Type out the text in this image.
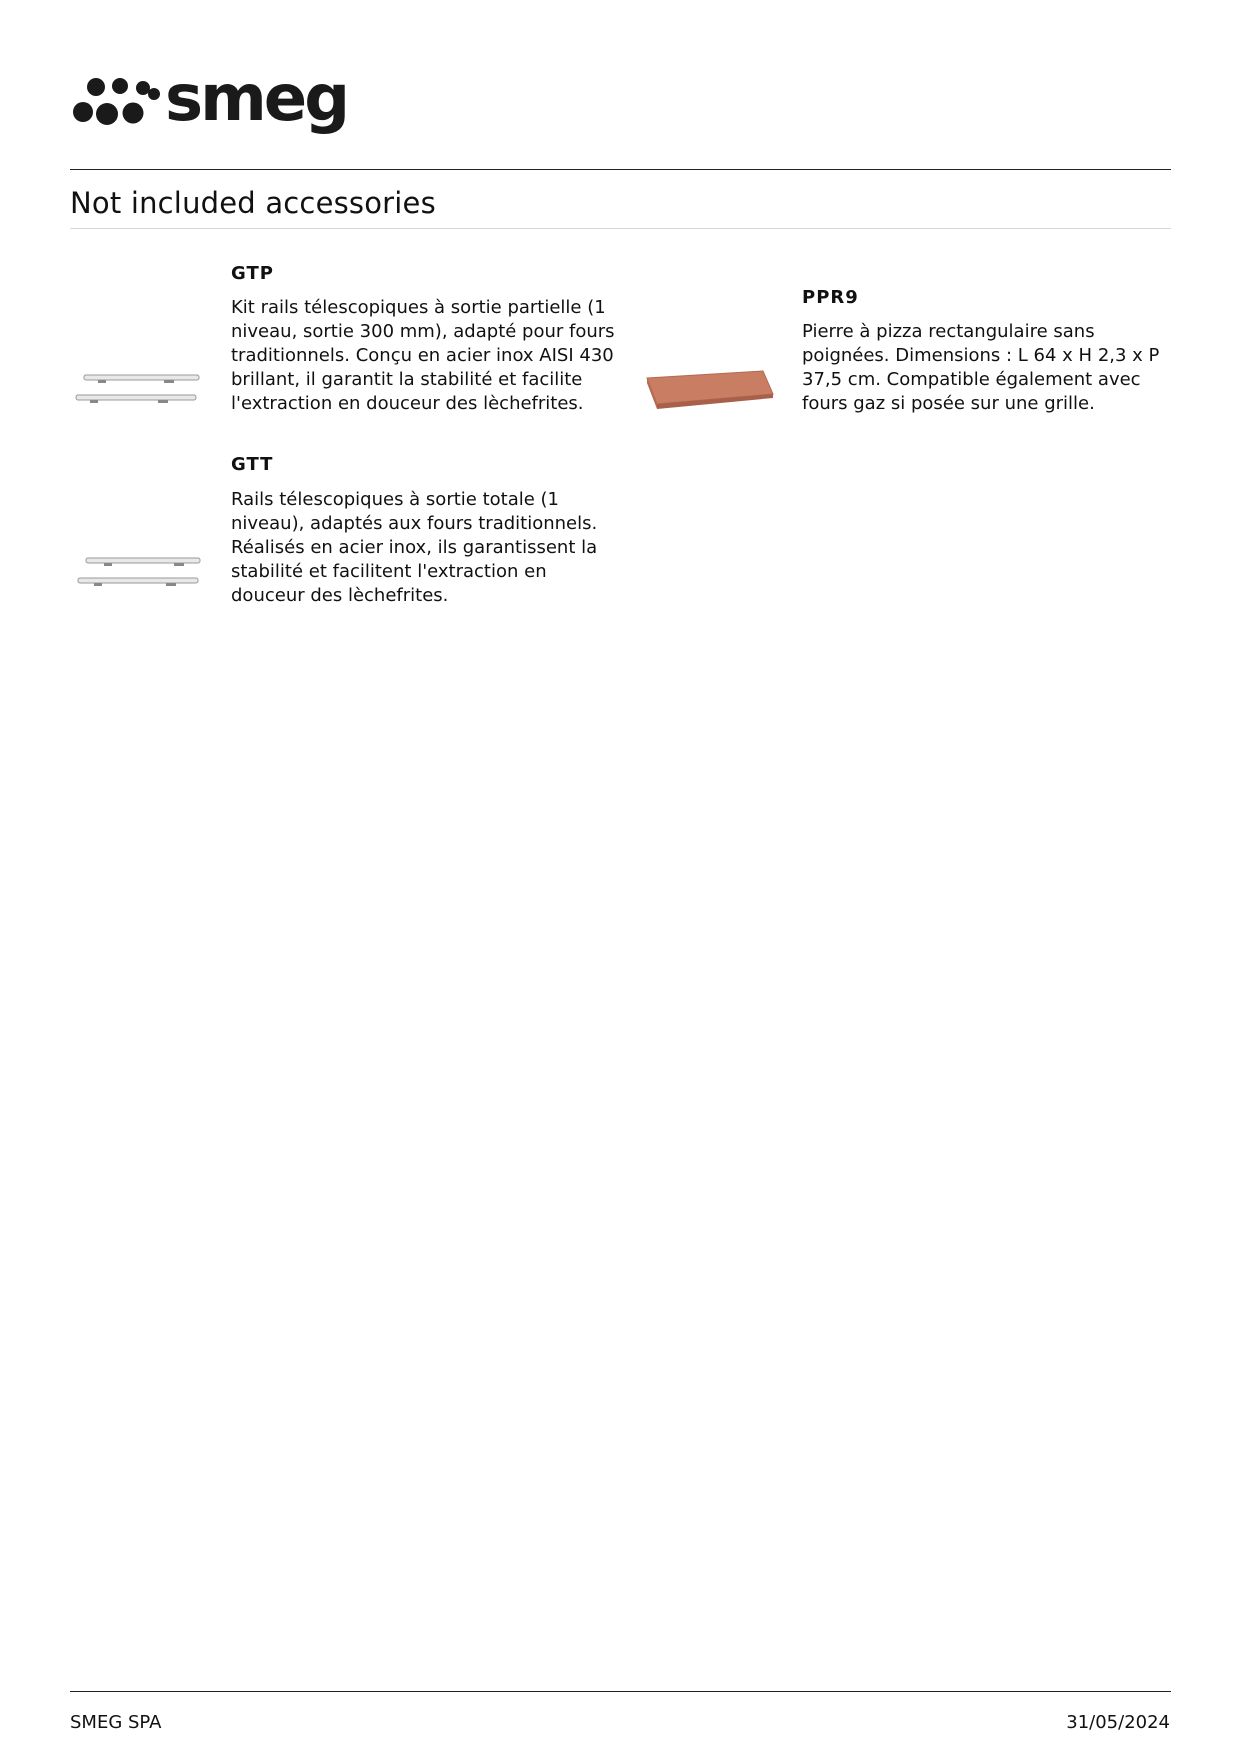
smeg
Not included accessories
GTP
Kit rails télescopiques à sortie partielle (1 niveau, sortie 300 mm), adapté pour fours traditionnels. Conçu en acier inox AISI 430 brillant, il garantit la stabilité et facilite l'extraction en douceur des lèchefrites.
GTT
Rails télescopiques à sortie totale (1 niveau), adaptés aux fours traditionnels. Réalisés en acier inox, ils garantissent la stabilité et facilitent l'extraction en douceur des lèchefrites.
PPR9
Pierre à pizza rectangulaire sans poignées. Dimensions : L 64 x H 2,3 x P 37,5 cm. Compatible également avec fours gaz si posée sur une grille.
SMEG SPA	31/05/2024
